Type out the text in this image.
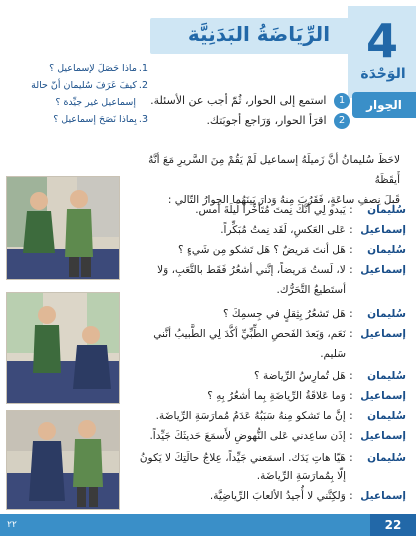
الرِّيَاضَةُ البَدَنِيَّة 4
الوَحْدَة
1.
ماذا حَصَلَ لإسماعيل ؟
2.
كيفَ عَرَفَ سُليمان أنّ حالة
إسماعيل غير جيِّدة ؟
3.
بِماذا نَصَحَ إسماعيل ؟
الحِوار
1 استمع إلى الحوار، ثُمّ أجب عن الأسئلة.
2 اقرَأ الحوار، وَرَاجع أجوبَتك.
لاحَظَ سُليمانُ أنَّ زَميلَهُ إسماعيل لَمْ يَقُمْ مِنَ السَّريرِ مَعَ أنَّهُ أَيقَظَهُ
قَبلَ نِصفِ ساعَةٍ، فَقَرُبَ مِنهُ وَدارَ بَينَهُما الحِوارُ التّالي :
سُليمان : يَبدو لِي أنَّكَ نِمتَ مُتَأخِّراً لَيلَةَ أمس.
إسماعيل : عَلى العَكسِ، لَقَد نِمتُ مُبَكِّراً.
سُليمان : هَل أنتَ مَريضٌ ؟ هَل تَشكو مِن شَيءٍ ؟
إسماعيل : لا، لَستُ مَريضاً، إنَّني أشعُرُ فَقَط بالتَّعَبِ، وَلا
أستَطيعُ التَّحَرُّك.
سُليمان : هَل تَشعُرُ بِثِقلٍ في جِسمِكَ ؟
إسماعيل : نَعَم، وَبَعدَ الفَحصِ الطِّبِّيِّ أكَّدَ لِي الطَّبيبُ أنَّني
سَليم.
سُليمان : هَل تُمارِسُ الرِّياضة ؟
إسماعيل : وَما عَلاقَةُ الرِّياضَةِ بِما أشعُرُ بِهِ ؟
سُليمان : إنَّ ما تَشكو مِنهُ سَبَبُهُ عَدَمُ مُمارَسَةِ الرِّياضَة.
إسماعيل : إذَن ساعِدني عَلى النُّهوضِ لأَسمَعَ حَديثَكَ جَيِّداً.
سُليمان : هَيّا هاتِ يَدَك. اسمَعني جَيِّداً، عِلاجُ حالَتِكَ لا يَكونُ
إلّا بِمُمارَسَةِ الرِّياضَة.
إسماعيل : وَلكِنَّني لا أُجيدُ الألعابَ الرِّياضِيَّة.
٢٢	22
